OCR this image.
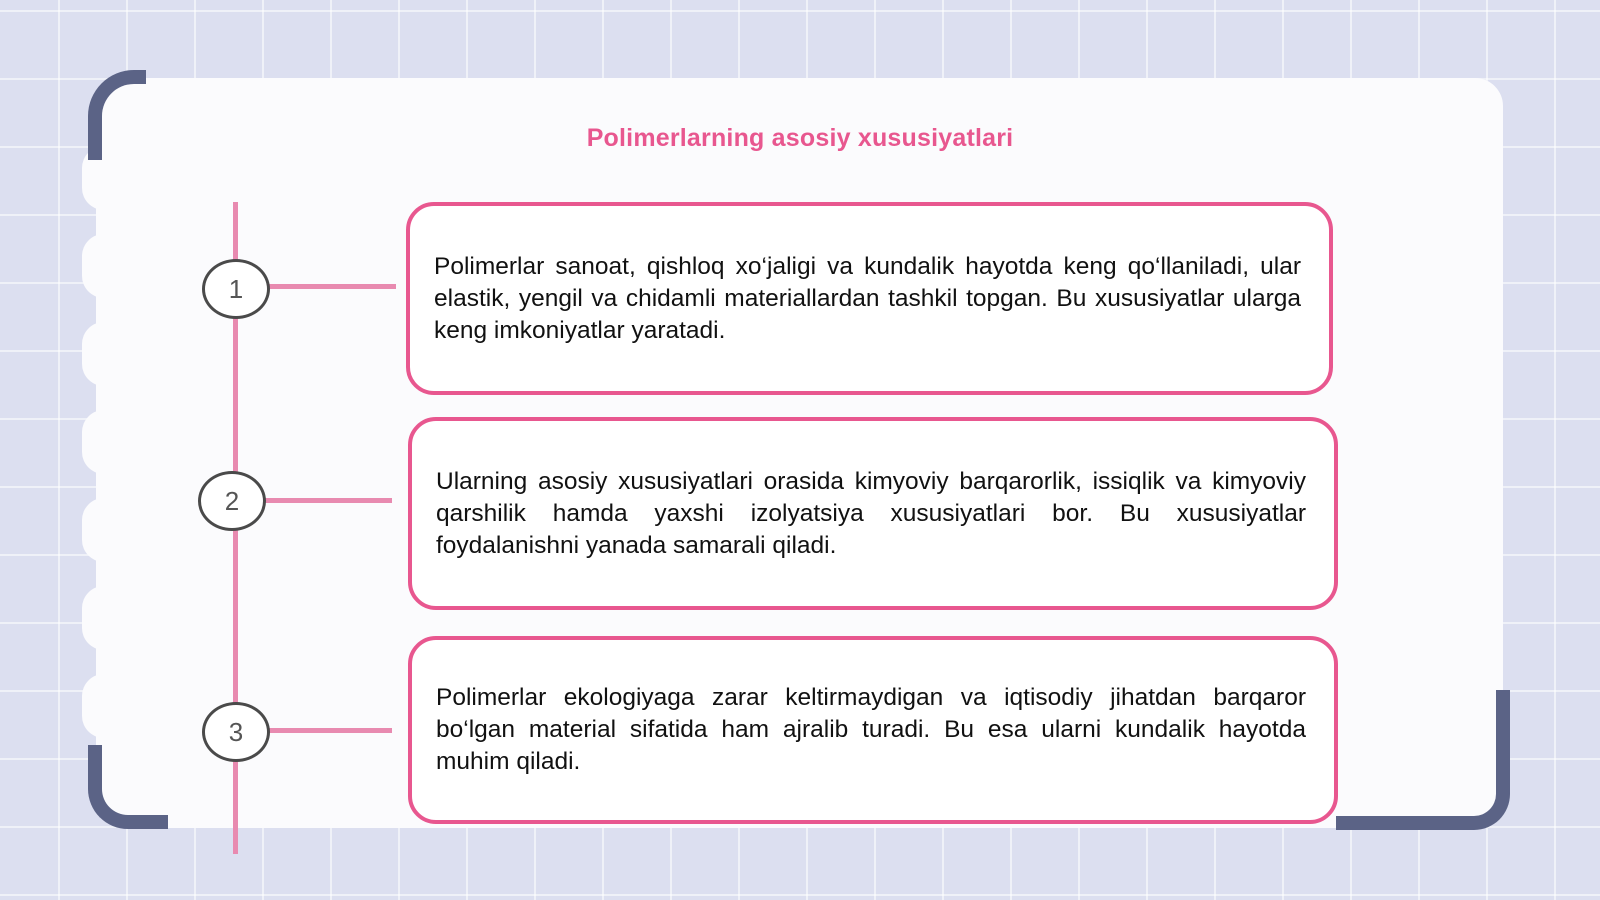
Polimerlarning asosiy xususiyatlari
1
2
3

Polimerlar sanoat, qishloq xo‘jaligi va kundalik hayotda keng qo‘llaniladi, ular elastik, yengil va chidamli materiallardan tashkil topgan. Bu xususiyatlar ularga keng imkoniyatlar yaratadi.

Ularning asosiy xususiyatlari orasida kimyoviy barqarorlik, issiqlik va kimyoviy qarshilik hamda yaxshi izolyatsiya xususiyatlari bor. Bu xususiyatlar foydalanishni yanada samarali qiladi.

Polimerlar ekologiyaga zarar keltirmaydigan va iqtisodiy jihatdan barqaror bo‘lgan material sifatida ham ajralib turadi. Bu esa ularni kundalik hayotda muhim qiladi.
